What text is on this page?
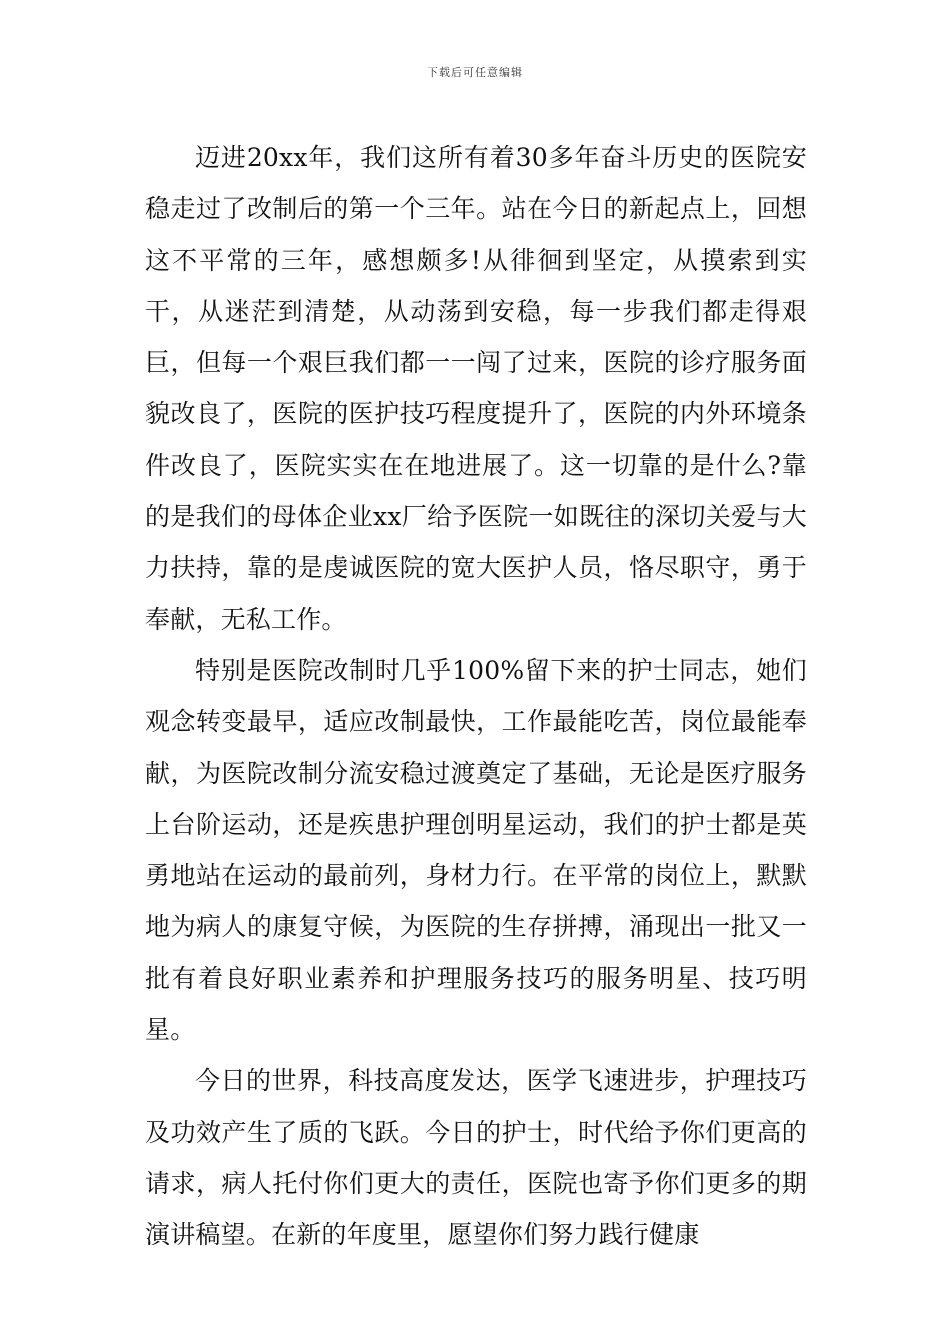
下载后可任意编辑

迈进20xx年，我们这所有着30多年奋斗历史的医院安稳走过了改制后的第一个三年。站在今日的新起点上，回想这不平常的三年，感想颇多!从徘徊到坚定，从摸索到实干，从迷茫到清楚，从动荡到安稳，每一步我们都走得艰巨，但每一个艰巨我们都一一闯了过来，医院的诊疗服务面貌改良了，医院的医护技巧程度提升了，医院的内外环境条件改良了，医院实实在在地进展了。这一切靠的是什么?靠的是我们的母体企业xx厂给予医院一如既往的深切关爱与大力扶持，靠的是虔诚医院的宽大医护人员，恪尽职守，勇于奉献，无私工作。

特别是医院改制时几乎100%留下来的护士同志，她们观念转变最早，适应改制最快，工作最能吃苦，岗位最能奉献，为医院改制分流安稳过渡奠定了基础，无论是医疗服务上台阶运动，还是疾患护理创明星运动，我们的护士都是英勇地站在运动的最前列，身材力行。在平常的岗位上，默默地为病人的康复守候，为医院的生存拼搏，涌现出一批又一批有着良好职业素养和护理服务技巧的服务明星、技巧明星。

今日的世界，科技高度发达，医学飞速进步，护理技巧及功效产生了质的飞跃。今日的护士，时代给予你们更高的请求，病人托付你们更大的责任，医院也寄予你们更多的期 演讲稿望。在新的年度里，愿望你们努力践行健康
